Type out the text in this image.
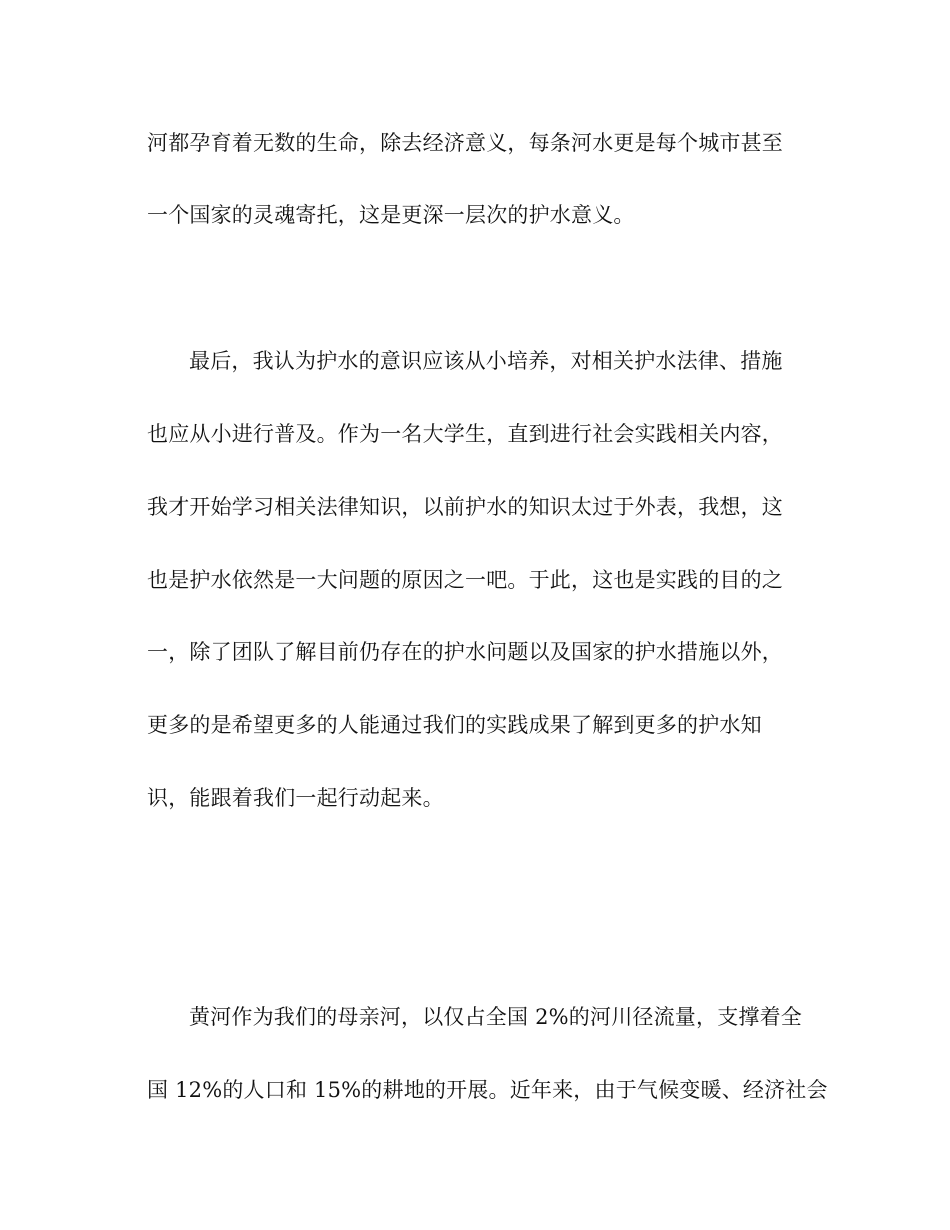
河都孕育着无数的生命，除去经济意义，每条河水更是每个城市甚至
一个国家的灵魂寄托，这是更深一层次的护水意义。
最后，我认为护水的意识应该从小培养，对相关护水法律、措施
也应从小进行普及。作为一名大学生，直到进行社会实践相关内容，
我才开始学习相关法律知识，以前护水的知识太过于外表，我想，这
也是护水依然是一大问题的原因之一吧。于此，这也是实践的目的之
一，除了团队了解目前仍存在的护水问题以及国家的护水措施以外，
更多的是希望更多的人能通过我们的实践成果了解到更多的护水知
识，能跟着我们一起行动起来。
黄河作为我们的母亲河，以仅占全国 2%的河川径流量，支撑着全
国 12%的人口和 15%的耕地的开展。近年来，由于气候变暖、经济社会
